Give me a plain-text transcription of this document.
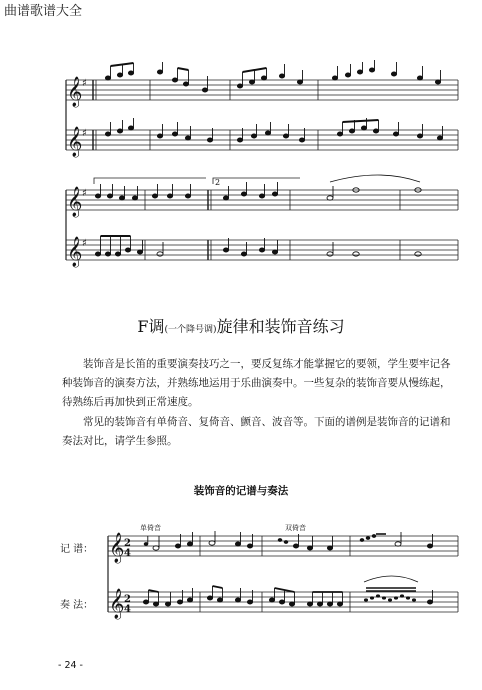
曲谱歌谱大全
𝄞
𝄞
♯
♯
2
𝄞
𝄞
♯
♯
F调(一个降号调)旋律和装饰音练习
装饰音是长笛的重要演奏技巧之一，要反复练才能掌握它的要领，学生要牢记各种装饰音的演奏方法，并熟练地运用于乐曲演奏中。一些复杂的装饰音要从慢练起，待熟练后再加快到正常速度。
常见的装饰音有单倚音、复倚音、颤音、波音等。下面的谱例是装饰音的记谱和奏法对比，请学生参照。
装饰音的记谱与奏法
记 谱：
奏 法：
𝄞
𝄞
2
4
2
4
单倚音	双倚音
- 24 -
